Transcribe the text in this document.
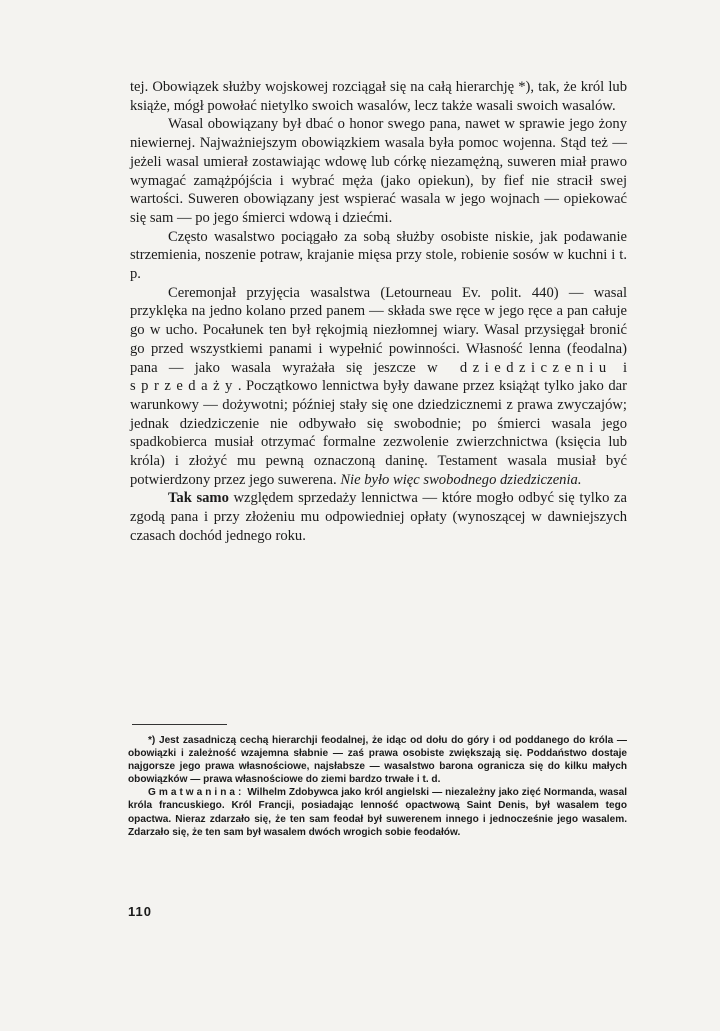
tej. Obowiązek służby wojskowej rozciągał się na całą hierarchję *), tak, że król lub książe, mógł powołać nietylko swoich wasalów, lecz także wasali swoich wasalów.

Wasal obowiązany był dbać o honor swego pana, nawet w sprawie jego żony niewiernej. Najważniejszym obowiązkiem wasala była pomoc wojenna. Stąd też — jeżeli wasal umierał zostawiając wdowę lub córkę niezamężną, suweren miał prawo wymagać zamążpójścia i wybrać męża (jako opiekun), by fief nie stracił swej wartości. Suweren obowiązany jest wspierać wasala w jego wojnach — opiekować się sam — po jego śmierci wdową i dziećmi.

Często wasalstwo pociągało za sobą służby osobiste niskie, jak podawanie strzemienia, noszenie potraw, krajanie mięsa przy stole, robienie sosów w kuchni i t. p.

Ceremonjał przyjęcia wasalstwa (Letourneau Ev. polit. 440) — wasal przyklęka na jedno kolano przed panem — składa swe ręce w jego ręce a pan całuje go w ucho. Pocałunek ten był rękojmią niezłomnej wiary. Wasal przysięgał bronić go przed wszystkiemi panami i wypełnić powinności. Własność lenna (feodalna) pana — jako wasala wyrażała się jeszcze w dziedziczeniu i sprzedaży. Początkowo lennictwa były dawane przez książąt tylko jako dar warunkowy — dożywotni; później stały się one dziedzicznemi z prawa zwyczajów; jednak dziedziczenie nie odbywało się swobodnie; po śmierci wasala jego spadkobierca musiał otrzymać formalne zezwolenie zwierzchnictwa (księcia lub króla) i złożyć mu pewną oznaczoną daninę. Testament wasala musiał być potwierdzony przez jego suwerena. Nie było więc swobodnego dziedziczenia.

Tak samo względem sprzedaży lennictwa — które mogło odbyć się tylko za zgodą pana i przy złożeniu mu odpowiedniej opłaty (wynoszącej w dawniejszych czasach dochód jednego roku.

*) Jest zasadniczą cechą hierarchji feodalnej, że idąc od dołu do góry i od poddanego do króla — obowiązki i zależność wzajemna słabnie — zaś prawa osobiste zwiększają się. Poddaństwo dostaje najgorsze jego prawa własnościowe, najsłabsze — wasalstwo barona ogranicza się do kilku małych obowiązków — prawa własnościowe do ziemi bardzo trwałe i t. d.

Gmatwanina: Wilhelm Zdobywca jako król angielski — niezależny jako zięć Normanda, wasal króla francuskiego. Król Francji, posiadając lenność opactwową Saint Denis, był wasalem tego opactwa. Nieraz zdarzało się, że ten sam feodał był suwerenem innego i jednocześnie jego wasalem. Zdarzało się, że ten sam był wasalem dwóch wrogich sobie feodałów.

110
